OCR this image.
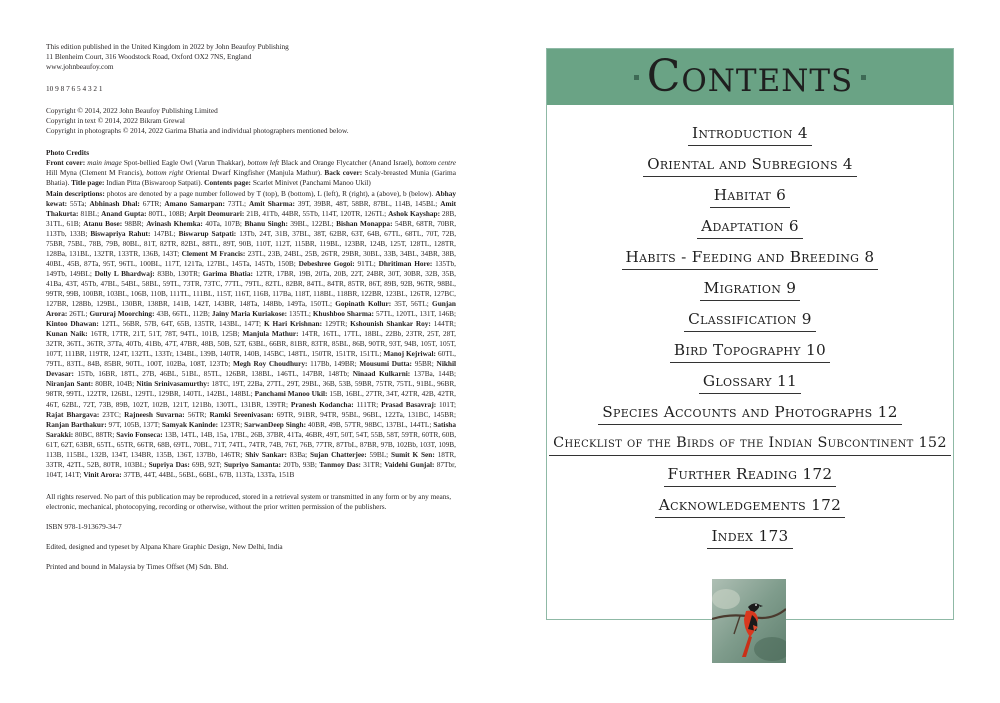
This edition published in the United Kingdom in 2022 by John Beaufoy Publishing

11 Blenheim Court, 316 Woodstock Road, Oxford OX2 7NS, England

www.johnbeaufoy.com

10 9 8 7 6 5 4 3 2 1

Copyright © 2014, 2022 John Beaufoy Publishing Limited

Copyright in text © 2014, 2022 Bikram Grewal

Copyright in photographs © 2014, 2022 Garima Bhatia and individual photographers mentioned below.

Photo Credits

Front cover: main image Spot-bellied Eagle Owl (Varun Thakkar), bottom left Black and Orange Flycatcher (Anand Israel), bottom centre Hill Myna (Clement M Francis), bottom right Oriental Dwarf Kingfisher (Manjula Mathur). Back cover: Scaly-breasted Munia (Garima Bhatia). Title page: Indian Pitta (Biswaroop Satpati). Contents page: Scarlet Minivet (Panchami Manoo Ukil)

Main descriptions: photos are denoted by a page number followed by T (top), B (bottom), L (left), R (right), a (above), b (below). Abhay kewat: 55Ta; Abhinash Dhal: 67TR; Amano Samarpan: 73TL; Amit Sharma: 39T, 39BR, 48T, 58BR, 87BL, 114B, 145BL; Amit Thakurta: 81BL; Anand Gupta: 80TL, 108B; Arpit Deomurari: 21B, 41Tb, 44BR, 55Tb, 114T, 120TR, 126TL; Ashok Kayshap: 28B, 31TL, 61B; Atanu Bose: 98BR; Avinash Khemka: 40Ta, 107B; Bhanu Singh: 39BL, 122BL; Bishan Monappa: 54BR, 68TR, 70BR, 113Tb, 133B; Biswapriya Rahut: 147BL; Biswarup Satpati: 13Tb, 24T, 31B, 37BL, 38T, 62BR, 63T, 64B, 67TL, 68TL, 70T, 72B, 75BR, 75BL, 78B, 79B, 80BL, 81T, 82TR, 82BL, 88TL, 89T, 90B, 110T, 112T, 115BR, 119BL, 123BR, 124B, 125T, 128TL, 128TR, 128Ba, 131BL, 132TR, 133TR, 136B, 143T; Clement M Francis: 23TL, 23B, 24BL, 25B, 26TR, 29BR, 30BL, 33B, 34BL, 34BR, 38B, 40BL, 45B, 87Ta, 95T, 96TL, 100BL, 117T, 121Ta, 127BL, 145Ta, 145Tb, 150B; Debeshree Gogoi: 91TL; Dhritiman Hore: 135Tb, 149Tb, 149BL; Dolly L Bhardwaj: 83Bb, 130TR; Garima Bhatia: 12TR, 17BR, 19B, 20Ta, 20B, 22T, 24BR, 30T, 30BR, 32B, 35B, 41Ba, 43T, 45Tb, 47BL, 54BL, 58BL, 59TL, 73TR, 73TC, 77TL, 79TL, 82TL, 82BR, 84TL, 84TR, 85TR, 86T, 89B, 92B, 96TR, 98BL, 99TR, 99B, 100BR, 103BL, 106B, 110B, 111TL, 111BL, 115T, 116T, 116B, 117Ba, 118T, 118BL, 118BR, 122BR, 123BL, 126TR, 127BC, 127BR, 128Bb, 129BL, 130BR, 138BR, 141B, 142T, 143BR, 148Ta, 148Bb, 149Ta, 150TL; Gopinath Kollur: 35T, 56TL; Gunjan Arora: 26TL; Gururaj Moorching: 43B, 66TL, 112B; Jainy Maria Kuriakose: 135TL; Khushboo Sharma: 57TL, 120TL, 131T, 146B; Kintoo Dhawan: 12TL, 56BR, 57B, 64T, 65B, 135TR, 143BL, 147T; K Hari Krishnan: 129TR; Kshounish Shankar Roy: 144TR; Kunan Naik: 16TR, 17TR, 21T, 51T, 78T, 94TL, 101B, 125B; Manjula Mathur: 14TR, 16TL, 17TL, 18BL, 22Bb, 23TR, 25T, 28T, 32TR, 36TL, 36TR, 37Ta, 40Tb, 41Bb, 47T, 47BR, 48B, 50B, 52T, 63BL, 66BR, 81BR, 83TR, 85BL, 86B, 90TR, 93T, 94B, 105T, 105T, 107T, 111BR, 119TR, 124T, 132TL, 133Tr, 134BL, 139B, 140TR, 140B, 145BC, 148TL, 150TR, 151TR, 151TL; Manoj Kejriwal: 60TL, 79TL, 83TL, 84B, 85BR, 90TL, 100T, 102Ba, 108T, 123Tb; Megh Roy Choudhury: 117Bb, 149BR; Mousumi Dutta: 95BR; Nikhil Devasar: 15Tb, 16BR, 18TL, 27B, 46BL, 51BL, 85TL, 126BR, 138BL, 146TL, 147BR, 148Tb; Ninaad Kulkarni: 137Ba, 144B; Niranjan Sant: 80BR, 104B; Nitin Srinivasamurthy: 18TC, 19T, 22Ba, 27TL, 29T, 29BL, 36B, 53B, 59BR, 75TR, 75TL, 91BL, 96BR, 98TR, 99TL, 122TR, 126BL, 129TL, 129BR, 140TL, 142BL, 148BL; Panchami Manoo Ukil: 15B, 16BL, 27TR, 34T, 42TR, 42B, 42TR, 46T, 62BL, 72T, 73B, 89B, 102T, 102B, 121T, 121Bb, 130TL, 131BR, 139TR; Pranesh Kodancha: 111TR; Prasad Basavraj: 101T; Rajat Bhargava: 23TC; Rajneesh Suvarna: 56TR; Ramki Sreenivasan: 69TR, 91BR, 94TR, 95BL, 96BL, 122Ta, 131BC, 145BR; Ranjan Barthakur: 97T, 105B, 137T; Samyak Kaninde: 123TR; SarwanDeep Singh: 40BR, 49B, 57TR, 98BC, 137BL, 144TL; Satisha Sarakki: 80BC, 88TR; Savio Fonseca: 13B, 14TL, 14B, 15a, 17BL, 26B, 37BR, 41Ta, 46BR, 49T, 50T, 54T, 55B, 58T, 59TR, 60TR, 60B, 61T, 62T, 63BR, 65TL, 65TR, 66TR, 68B, 69TL, 70BL, 71T, 74TL, 74TR, 74B, 76T, 76B, 77TR, 87TbL, 87BR, 97B, 102Bb, 103T, 109B, 113B, 115BL, 132B, 134T, 134BR, 135B, 136T, 137Bb, 146TR; Shiv Sankar: 83Ba; Sujan Chatterjee: 59BL; Sumit K Sen: 18TR, 33TR, 42TL, 52B, 80TR, 103BL; Supriya Das: 69B, 92T; Supriyo Samanta: 20Tb, 93B; Tanmoy Das: 31TR; Vaidehi Gunjal: 87Tbr, 104T, 141T; Vinit Arora: 37TB, 44T, 44BL, 56BL, 66BL, 67B, 113Ta, 133Ta, 151B

All rights reserved. No part of this publication may be reproduced, stored in a retrieval system or transmitted in any form or by any means, electronic, mechanical, photocopying, recording or otherwise, without the prior written permission of the publishers.

ISBN 978-1-913679-34-7

Edited, designed and typeset by Alpana Khare Graphic Design, New Delhi, India

Printed and bound in Malaysia by Times Offset (M) Sdn. Bhd.

Contents
Introduction 4
Oriental and Subregions 4
Habitat 6
Adaptation 6
Habits - Feeding and Breeding 8
Migration 9
Classification 9
Bird Topography 10
Glossary 11
Species Accounts and Photographs 12
Checklist of the Birds of the Indian Subcontinent 152
Further Reading 172
Acknowledgements 172
Index 173
